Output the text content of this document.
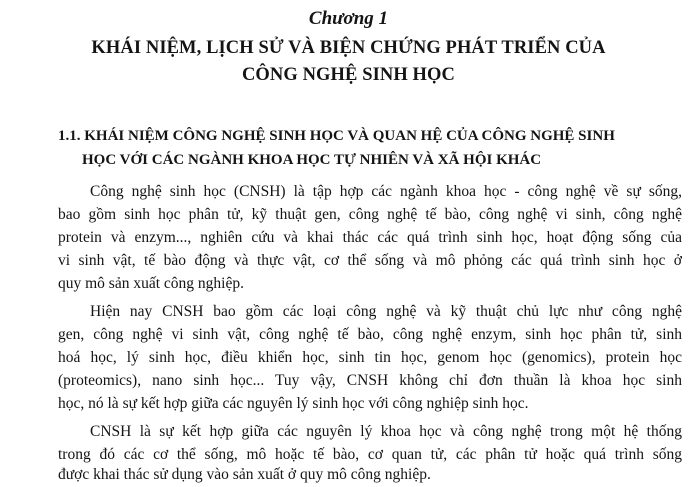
Chương 1
KHÁI NIỆM, LỊCH SỬ VÀ BIỆN CHỨNG PHÁT TRIỂN CỦA
CÔNG NGHỆ SINH HỌC
1.1. KHÁI NIỆM CÔNG NGHỆ SINH HỌC VÀ QUAN HỆ CỦA CÔNG NGHỆ SINH
HỌC VỚI CÁC NGÀNH KHOA HỌC TỰ NHIÊN VÀ XÃ HỘI KHÁC
Công nghệ sinh học (CNSH) là tập hợp các ngành khoa học - công nghệ về sự sống,
bao gồm sinh học phân tử, kỹ thuật gen, công nghệ tế bào, công nghệ vi sinh, công nghệ
protein và enzym..., nghiên cứu và khai thác các quá trình sinh học, hoạt động sống của
vi sinh vật, tế bào động và thực vật, cơ thể sống và mô phỏng các quá trình sinh học ở
quy mô sản xuất công nghiệp.
Hiện nay CNSH bao gồm các loại công nghệ và kỹ thuật chủ lực như công nghệ
gen, công nghệ vi sinh vật, công nghệ tế bào, công nghệ enzym, sinh học phân tử, sinh
hoá học, lý sinh học, điều khiển học, sinh tin học, genom học (genomics), protein học
(proteomics), nano sinh học... Tuy vậy, CNSH không chỉ đơn thuần là khoa học sinh
học, nó là sự kết hợp giữa các nguyên lý sinh học với công nghiệp sinh học.
CNSH là sự kết hợp giữa các nguyên lý khoa học và công nghệ trong một hệ thống
trong đó các cơ thể sống, mô hoặc tế bào, cơ quan tử, các phân tử hoặc quá trình sống
được khai thác sử dụng vào sản xuất ở quy mô công nghiệp.
